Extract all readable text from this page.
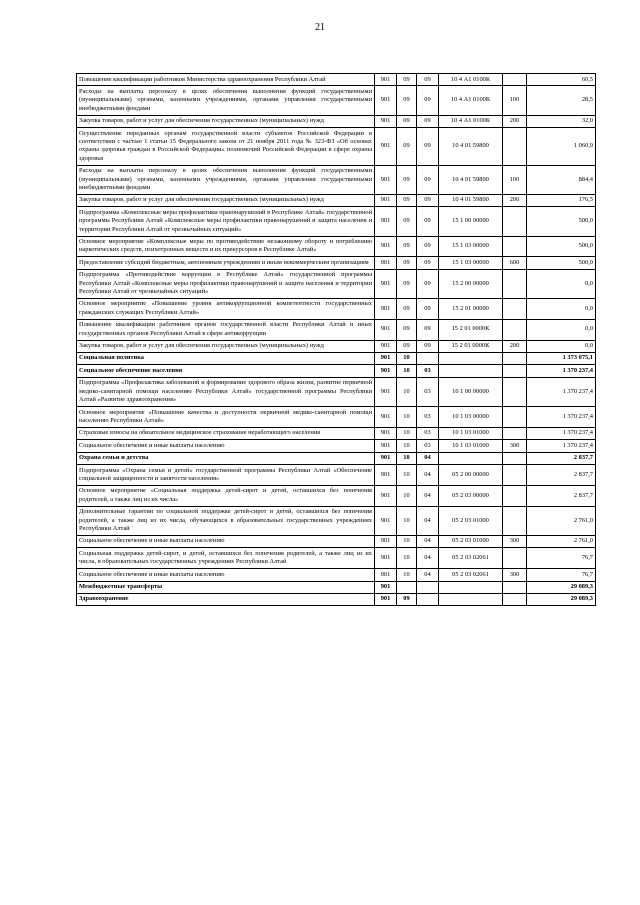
21
Повышение квалификации работников Министерства здравоохранения Республики Алтай	901	09	09	10 4 А1 0100К		60,5
Расходы на выплаты персоналу в целях обеспечения выполнения функций государственными (муниципальными) органами, казенными учреждениями, органами управления государственными внебюджетными фондами	901	09	09	10 4 А1 0100К	100	28,5
Закупка товаров, работ и услуг для обеспечения государственных (муниципальных) нужд	901	09	09	10 4 А1 0100К	200	32,0
Осуществление переданных органам государственной власти субъектов Российской Федерации в соответствии с частью 1 статьи 15 Федерального закона от 21 ноября 2011 года № 323-ФЗ «Об основах охраны здоровья граждан в Российской Федерации» полномочий Российской Федерации в сфере охраны здоровья	901	09	09	10 4 01 59800		1 060,9
Расходы на выплаты персоналу в целях обеспечения выполнения функций государственными (муниципальными) органами, казенными учреждениями, органами управления государственными внебюджетными фондами	901	09	09	10 4 01 59800	100	884,4
Закупка товаров, работ и услуг для обеспечения государственных (муниципальных) нужд	901	09	09	10 4 01 59800	200	176,5
Подпрограмма «Комплексные меры профилактики правонарушений в Республике Алтай» государственной программы Республики Алтай «Комплексные меры профилактики правонарушений и защита населения и территории Республики Алтай от чрезвычайных ситуаций»	901	09	09	15 1 00 00000		500,0
Основное мероприятие «Комплексные меры по противодействию незаконному обороту и потреблению наркотических средств, психотропных веществ и их прекурсоров в Республике Алтай»	901	09	09	15 1 03 00000		500,0
Предоставление субсидий бюджетным, автономным учреждениям и иным некоммерческим организациям	901	09	09	15 1 03 00000	600	500,0
Подпрограмма «Противодействие коррупции в Республике Алтай» государственной программы Республики Алтай «Комплексные меры профилактики правонарушений и защита населения и территории Республики Алтай от чрезвычайных ситуаций»	901	09	09	15 2 00 00000		0,0
Основное мероприятие «Повышение уровня антикоррупционной компетентности государственных гражданских служащих Республики Алтай»	901	09	09	15 2 01 00000		0,0
Повышение квалификации работников органов государственной власти Республики Алтай и иных государственных органов Республики Алтай в сфере антикоррупции	901	09	09	15 2 01 0000К		0,0
Закупка товаров, работ и услуг для обеспечения государственных (муниципальных) нужд	901	09	09	15 2 01 0000К	200	0,0
Социальная политика	901	10				1 373 075,1
Социальное обеспечение населения	901	10	03			1 370 237,4
Подпрограмма «Профилактика заболеваний и формирование здорового образа жизни, развитие первичной медико-санитарной помощи населению Республики Алтай» государственной программы Республики Алтай «Развитие здравоохранения»	901	10	03	10 1 00 00000		1 370 237,4
Основное мероприятие «Повышение качества и доступности первичной медико-санитарной помощи населению Республики Алтай»	901	10	03	10 1 03 00000		1 370 237,4
Страховые взносы на обязательное медицинское страхование неработающего населения	901	10	03	10 1 03 01000		1 370 237,4
Социальное обеспечение и иные выплаты населению	901	10	03	10 1 03 01000	300	1 370 237,4
Охрана семьи и детства	901	10	04			2 837,7
Подпрограмма «Охрана семьи и детей» государственной программы Республики Алтай «Обеспечение социальной защищенности и занятости населения»	901	10	04	05 2 00 00000		2 837,7
Основное мероприятие «Социальная поддержка детей-сирот и детей, оставшихся без попечения родителей, а также лиц из их числа»	901	10	04	05 2 03 00000		2 837,7
Дополнительные гарантии по социальной поддержке детей-сирот и детей, оставшихся без попечения родителей, а также лиц из их числа, обучающихся в образовательных государственных учреждениях Республики Алтай	901	10	04	05 2 03 01000		2 761,0
Социальное обеспечение и иные выплаты населению	901	10	04	05 2 03 01000	300	2 761,0
Социальная поддержка детей-сирот, и детей, оставшихся без попечения родителей, а также лиц из их числа, в образовательных государственных учреждениях Республики Алтай	901	10	04	05 2 03 02061		76,7
Социальное обеспечение и иные выплаты населению	901	10	04	05 2 03 02061	300	76,7
Межбюджетные трансферты	901					29 089,3
Здравоохранение	901	09				29 089,3
